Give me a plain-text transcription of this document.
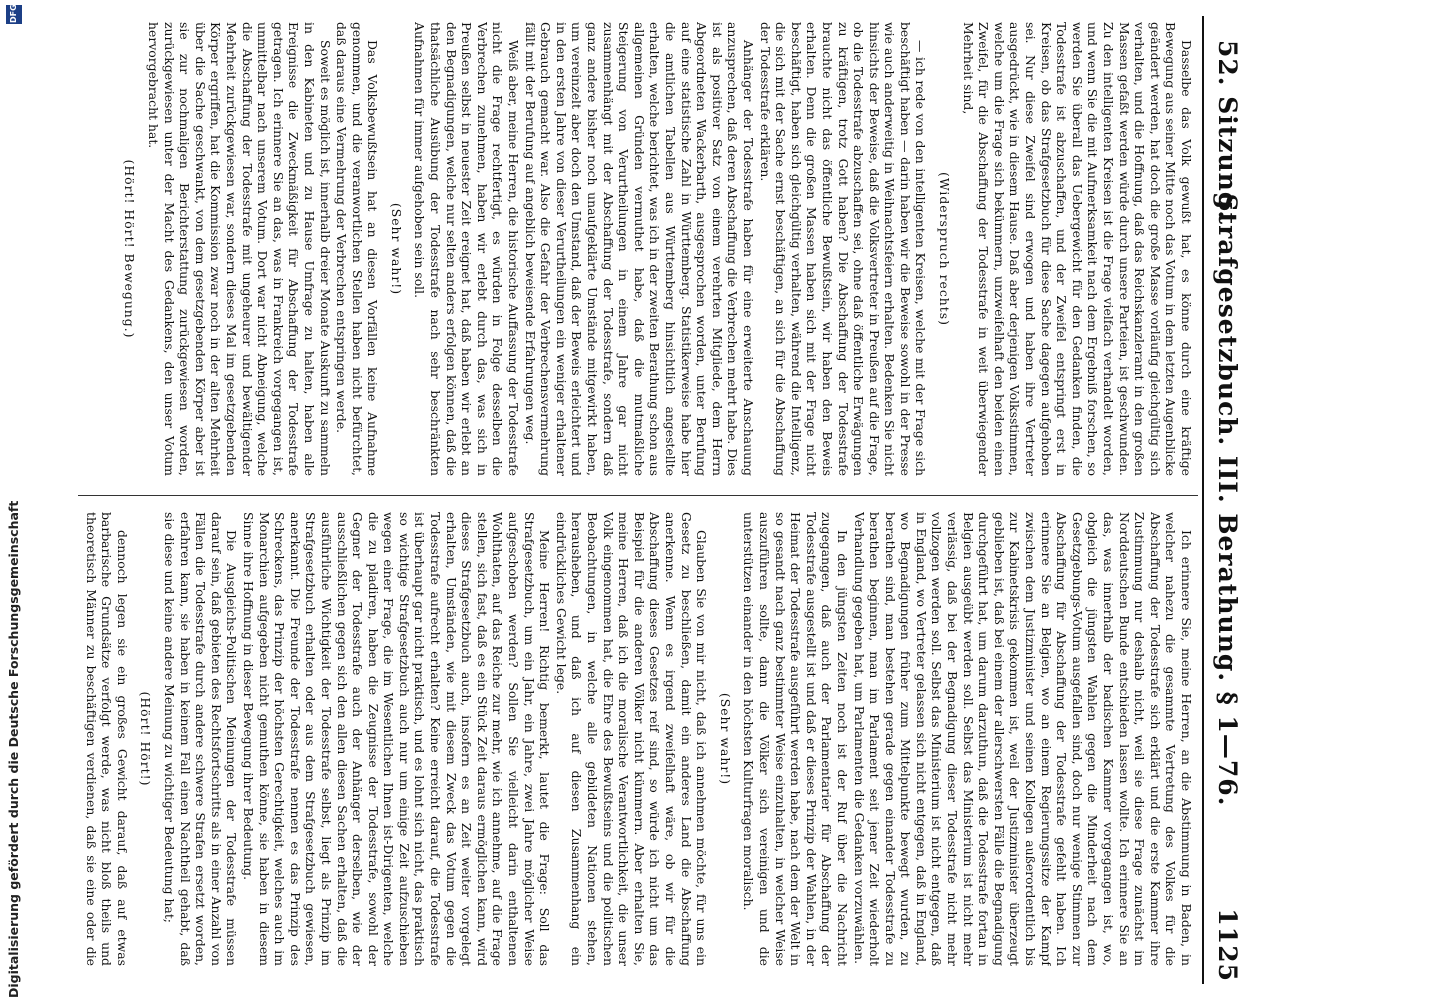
52. Sitzung.
Strafgesetzbuch. III. Berathung. § 1—76.
1125

Dasselbe das Volk gewußt hat, es könne durch eine kräftige Bewegung aus seiner Mitte noch das Votum in dem letzten Augenblicke geändert werden, hat doch die große Masse vorläufig gleichgültig sich verhalten, und die Hoffnung, daß das Reichskanzleramt in den großen Massen gefaßt werden würde durch unsere Parteien, ist geschwunden. Zu den intelligenten Kreisen ist die Frage vielfach verhandelt worden, und wenn Sie die mit Aufmerksamkeit nach dem Ergebniß forschen, so werden Sie überall das Uebergewicht für den Gedanken finden, die Todesstrafe ist abzuschaffen, und der Zweifel entspringt erst in Kreisen, ob das Strafgesetzbuch für diese Sache dagegen aufgehoben sei. Nur diese Zweifel sind erwogen und haben ihre Vertreter ausgedrückt, wie in diesem Hause. Daß aber derjenigen Volksstimmen, welche um die Frage sich bekümmern, unzweifelhaft den beiden einen Zweifel, für die Abschaffung der Todesstrafe in weit überwiegender Mehrheit sind,

(Widerspruch rechts)

— ich rede von den intelligenten Kreisen, welche mit der Frage sich beschäftigt haben — darin haben wir die Beweise sowohl in der Presse wie auch anderweitig in Weihnachtsfeiern erhalten. Bedenken Sie nicht hinsichts der Beweise, daß die Volksvertreter in Preußen auf die Frage, ob die Todesstrafe abzuschaffen sei, ohne daß öffentliche Erwägungen zu kräftigen, trotz Gott haben? Die Abschaffung der Todesstrafe brauchte nicht das öffentliche Bewußtsein, wir haben den Beweis erhalten. Denn die großen Massen haben sich mit der Frage nicht beschäftigt, haben sich gleichgültig verhalten, während die Intelligenz, die sich mit der Sache ernst beschäftigen, an sich für die Abschaffung der Todesstrafe erklären.

Anhänger der Todesstrafe haben für eine erweiterte Anschauung anzusprechen, daß deren Abschaffung die Verbrechen mehrt habe. Dies ist als positiver Satz von einem verehrten Mitgliede, dem Herrn Abgeordneten Wackerbarth, ausgesprochen worden, unter Berufung auf eine statistische Zahl in Württemberg. Statistikerweise habe hier die amtlichen Tabellen aus Württemberg hinsichtlich angestellte erhalten, welche berichtet, was ich in der zweiten Berathung schon aus allgemeinen Gründen vermuthet habe, daß die mutmaßliche Steigerung von Verurtheilungen in einem Jahre gar nicht zusammenhängt mit der Abschaffung der Todesstrafe, sondern daß ganz andere bisher noch unaufgeklärte Umstände mitgewirkt haben, um vereinzelt aber doch den Umstand, daß der Beweis erleichtert und in den ersten Jahre von dieser Verurtheilungen ein weniger erhaltener Gebrauch gemacht war. Also die Gefahr der Verbrechensvermehrung fällt mit der Berufung auf angeblich beweisende Erfahrungen weg.

Weiß aber, meine Herren, die historische Auffassung der Todesstrafe nicht die Frage rechtfertigt, es würden in Folge desselben die Verbrechen zunehmen, haben wir erlebt durch das, was sich in Preußen selbst in neuester Zeit ereignet hat, daß haben wir erlebt an den Begnadigungen, welche nur selten anders erfolgen können, daß die thatsächliche Ausübung der Todesstrafe nach sehr beschränkten Aufnahmen für immer aufgehoben sein soll.

(Sehr wahr!)

Das Volksbewußtsein hat an diesen Vorfällen keine Aufnahme genommen, und die veranwortlichen Stellen haben nicht befürchtet, daß daraus eine Vermehrung der Verbrechen entspringen werde.

Soweit es möglich ist, innerhalb dreier Monate Auskunft zu sammeln in den Kabineten und zu Hause Umfrage zu halten, haben alle Ereignisse die Zweckmäßigkeit für Abschaffung der Todesstrafe getragen. Ich erinnere Sie an das, was in Frankreich vorgegangen ist, unmittelbar nach unserem Votum. Dort war nicht Abneigung, welche die Abschaffung der Todesstrafe mit ungeheurer und bewältigender Mehrheit zurückgewiesen war, sondern dieses Mal im gesetzgebenden Körper ergriffen, hat die Kommission zwar noch in der alten Mehrheit über die Sache geschwankt, von dem gesetzgebenden Körper aber ist sie zur nochmaligen Berichterstattung zurückgewiesen worden, zurückgewiesen unter der Macht des Gedankens, den unser Votum hervorgebracht hat.

(Hört! Hört! Bewegung.)

Ich erinnere Sie, meine Herren, an die Abstimmung in Baden, in welcher nahezu die gesammte Vertretung des Volkes für die Abschaffung der Todesstrafe sich erklärt und die erste Kammer ihre Zustimmung nur deshalb nicht, weil sie diese Frage zunächst im Norddeutschen Bunde entschieden lassen wollte. Ich erinnere Sie an das, was innerhalb der badischen Kammer vorgegangen ist, wo, obgleich die jüngsten Wahlen gegen die Minderheit nach dem Gesetzgebungs-Votum ausgefallen sind, doch nur wenige Stimmen zur Abschaffung für Abschaffung der Todesstrafe gefehlt haben. Ich erinnere Sie an Belgien, wo an einem Regierungssitze der Kampf zwischen dem Justizminister und seinen Kollegen außerordentlich bis zur Kabinetskrisis gekommen ist, weil der Justizminister überzeugt geblieben ist, daß bei einem der allerschwersten Fälle die Begnadigung durchgeführt hat, um darum darzuthun, daß die Todesstrafe fortan in Belgien ausgeübt werden soll. Selbst das Ministerium ist nicht mehr verlässig, daß bei der Begnadigung dieser Todesstrafe nicht mehr vollzogen werden soll. Selbst das Ministerium ist nicht entgegen, daß in England, wo Vertreter gelassen sich nicht entgegen, daß in England, wo Begnadigungen früher zum Mittelpunkte bewegt wurden, zu berathen sind, man bestehen gerade gegen einander Todesstrafe zu berathen beginnen, man im Parlament seit jener Zeit wiederholt Verhandlung gegeben hat, um Parlamenten die Gedanken vorzuwählen.

In den jüngsten Zeiten noch ist der Ruf über die Nachricht zugegangen, daß auch der Parlamentarier für Abschaffung der Todesstrafe ausgestellt ist und daß er dieses Prinzip der Wahlen, in der Heimat der Todesstrafe ausgeführt werden habe, nach dem der Welt in so gesandt nach ganz bestimmter Weise einzuhalten, in welcher Weise auszuführen sollte, dann die Völker sich vereinigen und die unterstützen einander in den höchsten Kulturfragen moralisch.

(Sehr wahr!)

Glauben Sie von mir nicht, daß ich annehmen möchte, für uns ein Gesetz zu beschließen, damit ein anderes Land die Abschaffung anerkenne. Wenn es irgend zweifelhaft wäre, ob wir für die Abschaffung dieses Gesetzes reif sind, so würde ich nicht um das Beispiel für die anderen Völker nicht kümmern. Aber erhalten Sie, meine Herren, daß ich die moralische Verantwortlichkeit, die unser Volk eingenommen hat, die Ehre des Bewußtseins und die politischen Beobachtungen, in welche alle gebildeten Nationen stehen, herausheben, und daß ich auf diesen Zusammenhang ein eindrückliches Gewicht lege.

Meine Herren! Richtig bemerkt, lautet die Frage: Soll das Strafgesetzbuch, um ein Jahr, ein Jahre, zwei Jahre möglicher Weise aufgeschoben werden? Sollen Sie vielleicht darin enthaltenen Wohlthaten, auf das Reiche zur mehr, wie ich annehme, auf die Frage stellen, sich fast, daß es ein Stück Zeit daraus ermöglichen kann, wird dieses Strafgesetzbuch auch, insofern es an Zeit weiter vorgelegt erhalten, Umständen, wie mit diesem Zweck das Votum gegen die Todesstrafe aufrecht erhalten? Keine erreicht darauf, die Todesstrafe ist überhaupt gar nicht praktisch, und es lohnt sich nicht, das praktisch so wichtige Strafgesetzbuch auch nur um einige Zeit aufzuschieben wegen einer Frage, die im Wesentlichen Ihnen ist-Dirigenten, welche die zu pladiren, haben die Zeugnisse der Todesstrafe, sowohl der Gegner der Todesstrafe auch der Anhänger derselben, wie der ausschließlichen gegen sich den allen diesen Sachen erhalten, daß die ausführliche Wichtigkeit der Todesstrafe selbst, liegt als Prinzip im Strafgesetzbuch erhalten oder aus dem Strafgesetzbuch gewiesen, anerkannt. Die Freunde der Todesstrafe nennen es das Prinzip des Schreckens, das Prinzip der höchsten Gerechtigkeit, welches auch im Monarchien aufgegeben nicht gemuthen könne, sie haben in diesem Sinne ihre Hoffnung in dieser Bewegung ihrer Bedeutung.

Die Ausgleichs-Politischen Meinungen der Todesstrafe müssen darauf sein, daß gebieten des Rechtsfortschritts als in einer Anzahl von Fällen die Todesstrafe durch andere schwere Strafen ersetzt worden, erfahren kann, sie haben in keinem Fall einen Nachtheil gehabt, daß sie diese und keine andere Meinung zu wichtiger Bedeutung hat;

(Hört! Hört!)

dennoch legen sie ein großes Gewicht darauf, daß auf etwas barbarische Grundsätze verfolgt werde, was nicht bloß theils und theoretisch Männer zu beschäftigen verdienen, daß sie eine oder die

Digitalisierung gefördert durch die Deutsche Forschungsgemeinschaft
DFG
